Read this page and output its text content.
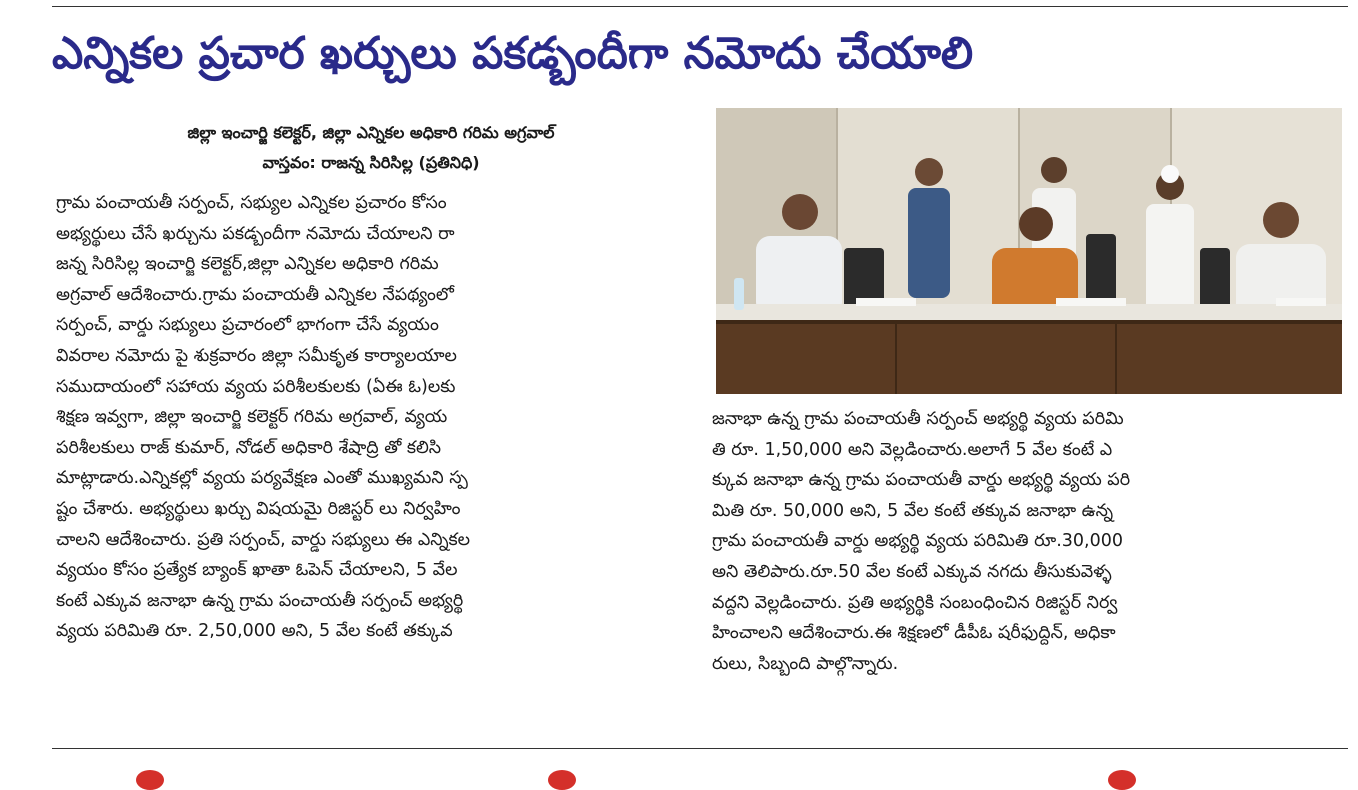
ఎన్నికల ప్రచార ఖర్చులు పకడ్బందీగా నమోదు చేయాలి
జిల్లా ఇంచార్జి కలెక్టర్, జిల్లా ఎన్నికల అధికారి గరిమ అగ్రవాల్
వాస్తవం: రాజన్న సిరిసిల్ల (ప్రతినిధి)
గ్రామ పంచాయతీ సర్పంచ్, సభ్యుల ఎన్నికల ప్రచారం కోసం
అభ్యర్థులు చేసే ఖర్చును పకడ్బందీగా నమోదు చేయాలని రా
జన్న సిరిసిల్ల ఇంచార్జి కలెక్టర్,జిల్లా ఎన్నికల అధికారి గరిమ
అగ్రవాల్ ఆదేశించారు.గ్రామ పంచాయతీ ఎన్నికల నేపథ్యంలో
సర్పంచ్, వార్డు సభ్యులు ప్రచారంలో భాగంగా చేసే వ్యయం
వివరాల నమోదు పై శుక్రవారం జిల్లా సమీకృత కార్యాలయాల
సముదాయంలో సహాయ వ్యయ పరిశీలకులకు (ఏఈ ఓ)లకు
శిక్షణ ఇవ్వగా, జిల్లా ఇంచార్జి కలెక్టర్ గరిమ అగ్రవాల్, వ్యయ
పరిశీలకులు రాజ్ కుమార్, నోడల్ అధికారి శేషాద్రి తో కలిసి
మాట్లాడారు.ఎన్నికల్లో వ్యయ పర్యవేక్షణ ఎంతో ముఖ్యమని స్ప
ష్టం చేశారు. అభ్యర్థులు ఖర్చు విషయమై రిజిస్టర్ లు నిర్వహిం
చాలని ఆదేశించారు. ప్రతి సర్పంచ్, వార్డు సభ్యులు ఈ ఎన్నికల
వ్యయం కోసం ప్రత్యేక బ్యాంక్ ఖాతా ఓపెన్ చేయాలని, 5 వేల
కంటే ఎక్కువ జనాభా ఉన్న గ్రామ పంచాయతీ సర్పంచ్ అభ్యర్థి
వ్యయ పరిమితి రూ. 2,50,000 అని, 5 వేల కంటే తక్కువ
జనాభా ఉన్న గ్రామ పంచాయతీ సర్పంచ్ అభ్యర్థి వ్యయ పరిమి
తి రూ. 1,50,000 అని వెల్లడించారు.అలాగే 5 వేల కంటే ఎ
క్కువ జనాభా ఉన్న గ్రామ పంచాయతీ వార్డు అభ్యర్థి వ్యయ పరి
మితి రూ. 50,000 అని, 5 వేల కంటే తక్కువ జనాభా ఉన్న
గ్రామ పంచాయతీ వార్డు అభ్యర్థి వ్యయ పరిమితి రూ.30,000
అని తెలిపారు.రూ.50 వేల కంటే ఎక్కువ నగదు తీసుకువెళ్ళ
వద్దని వెల్లడించారు. ప్రతి అభ్యర్థికి సంబంధించిన రిజిస్టర్ నిర్వ
హించాలని ఆదేశించారు.ఈ శిక్షణలో డీపీఓ షరీఫుద్దిన్, అధికా
రులు, సిబ్బంది పాల్గొన్నారు.
